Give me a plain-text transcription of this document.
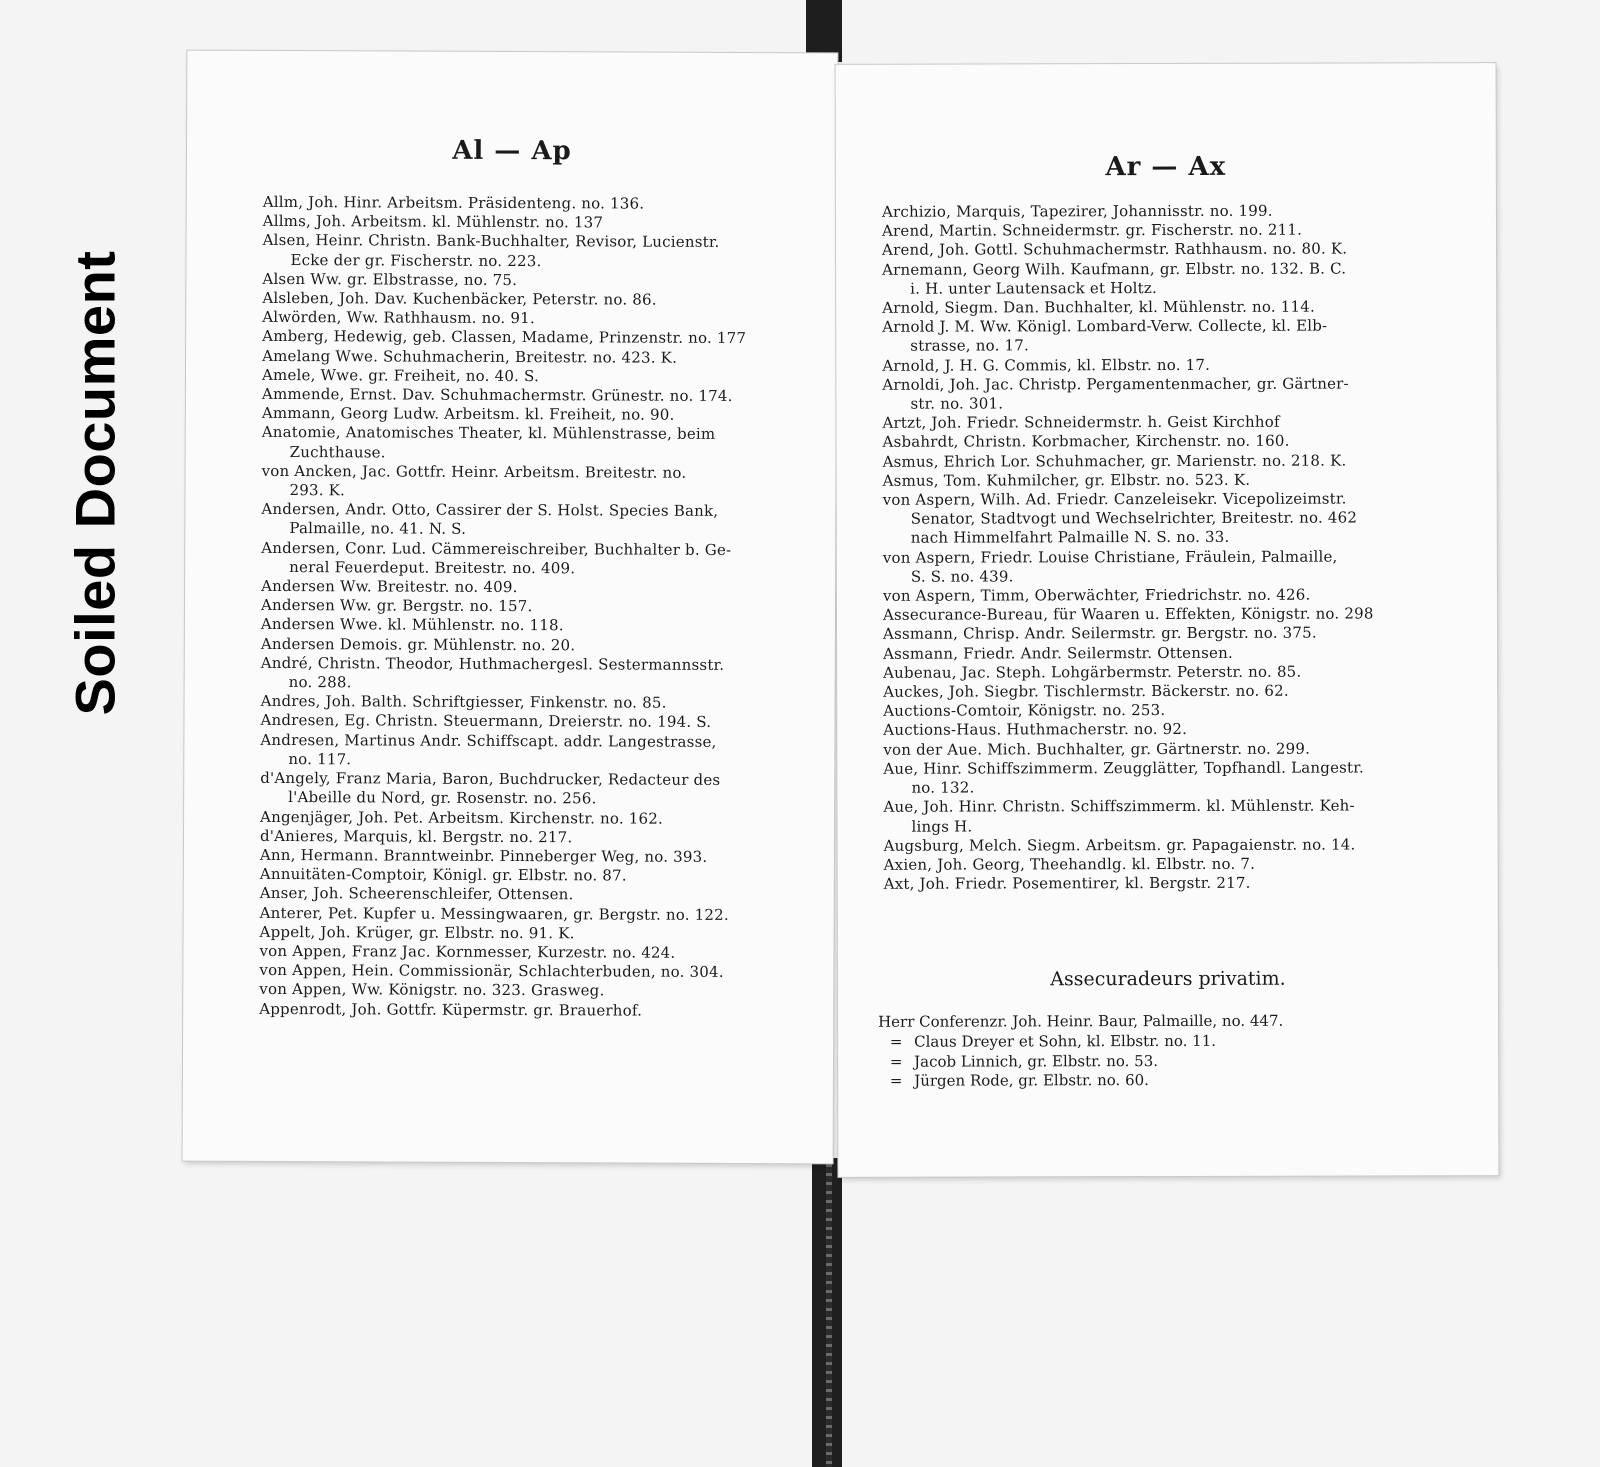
Soiled Document
Al — Ap
Allm, Joh. Hinr. Arbeitsm. Präsidenteng. no. 136.
Allms, Joh. Arbeitsm. kl. Mühlenstr. no. 137
Alsen, Heinr. Christn. Bank-Buchhalter, Revisor, Lucienstr.
Ecke der gr. Fischerstr. no. 223.
Alsen Ww. gr. Elbstrasse, no. 75.
Alsleben, Joh. Dav. Kuchenbäcker, Peterstr. no. 86.
Alwörden, Ww. Rathhausm. no. 91.
Amberg, Hedewig, geb. Classen, Madame, Prinzenstr. no. 177
Amelang Wwe. Schuhmacherin, Breitestr. no. 423. K.
Amele, Wwe. gr. Freiheit, no. 40. S.
Ammende, Ernst. Dav. Schuhmachermstr. Grünestr. no. 174.
Ammann, Georg Ludw. Arbeitsm. kl. Freiheit, no. 90.
Anatomie, Anatomisches Theater, kl. Mühlenstrasse, beim
Zuchthause.
von Ancken, Jac. Gottfr. Heinr. Arbeitsm. Breitestr. no.
293. K.
Andersen, Andr. Otto, Cassirer der S. Holst. Species Bank,
Palmaille, no. 41. N. S.
Andersen, Conr. Lud. Cämmereischreiber, Buchhalter b. Ge-
neral Feuerdeput. Breitestr. no. 409.
Andersen Ww. Breitestr. no. 409.
Andersen Ww. gr. Bergstr. no. 157.
Andersen Wwe. kl. Mühlenstr. no. 118.
Andersen Demois. gr. Mühlenstr. no. 20.
André, Christn. Theodor, Huthmachergesl. Sestermannsstr.
no. 288.
Andres, Joh. Balth. Schriftgiesser, Finkenstr. no. 85.
Andresen, Eg. Christn. Steuermann, Dreierstr. no. 194. S.
Andresen, Martinus Andr. Schiffscapt. addr. Langestrasse,
no. 117.
d'Angely, Franz Maria, Baron, Buchdrucker, Redacteur des
l'Abeille du Nord, gr. Rosenstr. no. 256.
Angenjäger, Joh. Pet. Arbeitsm. Kirchenstr. no. 162.
d'Anieres, Marquis, kl. Bergstr. no. 217.
Ann, Hermann. Branntweinbr. Pinneberger Weg, no. 393.
Annuitäten-Comptoir, Königl. gr. Elbstr. no. 87.
Anser, Joh. Scheerenschleifer, Ottensen.
Anterer, Pet. Kupfer u. Messingwaaren, gr. Bergstr. no. 122.
Appelt, Joh. Krüger, gr. Elbstr. no. 91. K.
von Appen, Franz Jac. Kornmesser, Kurzestr. no. 424.
von Appen, Hein. Commissionär, Schlachterbuden, no. 304.
von Appen, Ww. Königstr. no. 323. Grasweg.
Appenrodt, Joh. Gottfr. Küpermstr. gr. Brauerhof.
Ar — Ax
Archizio, Marquis, Tapezirer, Johannisstr. no. 199.
Arend, Martin. Schneidermstr. gr. Fischerstr. no. 211.
Arend, Joh. Gottl. Schuhmachermstr. Rathhausm. no. 80. K.
Arnemann, Georg Wilh. Kaufmann, gr. Elbstr. no. 132. B. C.
i. H. unter Lautensack et Holtz.
Arnold, Siegm. Dan. Buchhalter, kl. Mühlenstr. no. 114.
Arnold J. M. Ww. Königl. Lombard-Verw. Collecte, kl. Elb-
strasse, no. 17.
Arnold, J. H. G. Commis, kl. Elbstr. no. 17.
Arnoldi, Joh. Jac. Christp. Pergamentenmacher, gr. Gärtner-
str. no. 301.
Artzt, Joh. Friedr. Schneidermstr. h. Geist Kirchhof
Asbahrdt, Christn. Korbmacher, Kirchenstr. no. 160.
Asmus, Ehrich Lor. Schuhmacher, gr. Marienstr. no. 218. K.
Asmus, Tom. Kuhmilcher, gr. Elbstr. no. 523. K.
von Aspern, Wilh. Ad. Friedr. Canzeleisekr. Vicepolizeimstr.
Senator, Stadtvogt und Wechselrichter, Breitestr. no. 462
nach Himmelfahrt Palmaille N. S. no. 33.
von Aspern, Friedr. Louise Christiane, Fräulein, Palmaille,
S. S. no. 439.
von Aspern, Timm, Oberwächter, Friedrichstr. no. 426.
Assecurance-Bureau, für Waaren u. Effekten, Königstr. no. 298
Assmann, Chrisp. Andr. Seilermstr. gr. Bergstr. no. 375.
Assmann, Friedr. Andr. Seilermstr. Ottensen.
Aubenau, Jac. Steph. Lohgärbermstr. Peterstr. no. 85.
Auckes, Joh. Siegbr. Tischlermstr. Bäckerstr. no. 62.
Auctions-Comtoir, Königstr. no. 253.
Auctions-Haus. Huthmacherstr. no. 92.
von der Aue. Mich. Buchhalter, gr. Gärtnerstr. no. 299.
Aue, Hinr. Schiffszimmerm. Zeugglätter, Topfhandl. Langestr.
no. 132.
Aue, Joh. Hinr. Christn. Schiffszimmerm. kl. Mühlenstr. Keh-
lings H.
Augsburg, Melch. Siegm. Arbeitsm. gr. Papagaienstr. no. 14.
Axien, Joh. Georg, Theehandlg. kl. Elbstr. no. 7.
Axt, Joh. Friedr. Posementirer, kl. Bergstr. 217.
Assecuradeurs privatim.
Herr Conferenzr. Joh. Heinr. Baur, Palmaille, no. 447.
= Claus Dreyer et Sohn, kl. Elbstr. no. 11.
= Jacob Linnich, gr. Elbstr. no. 53.
= Jürgen Rode, gr. Elbstr. no. 60.
